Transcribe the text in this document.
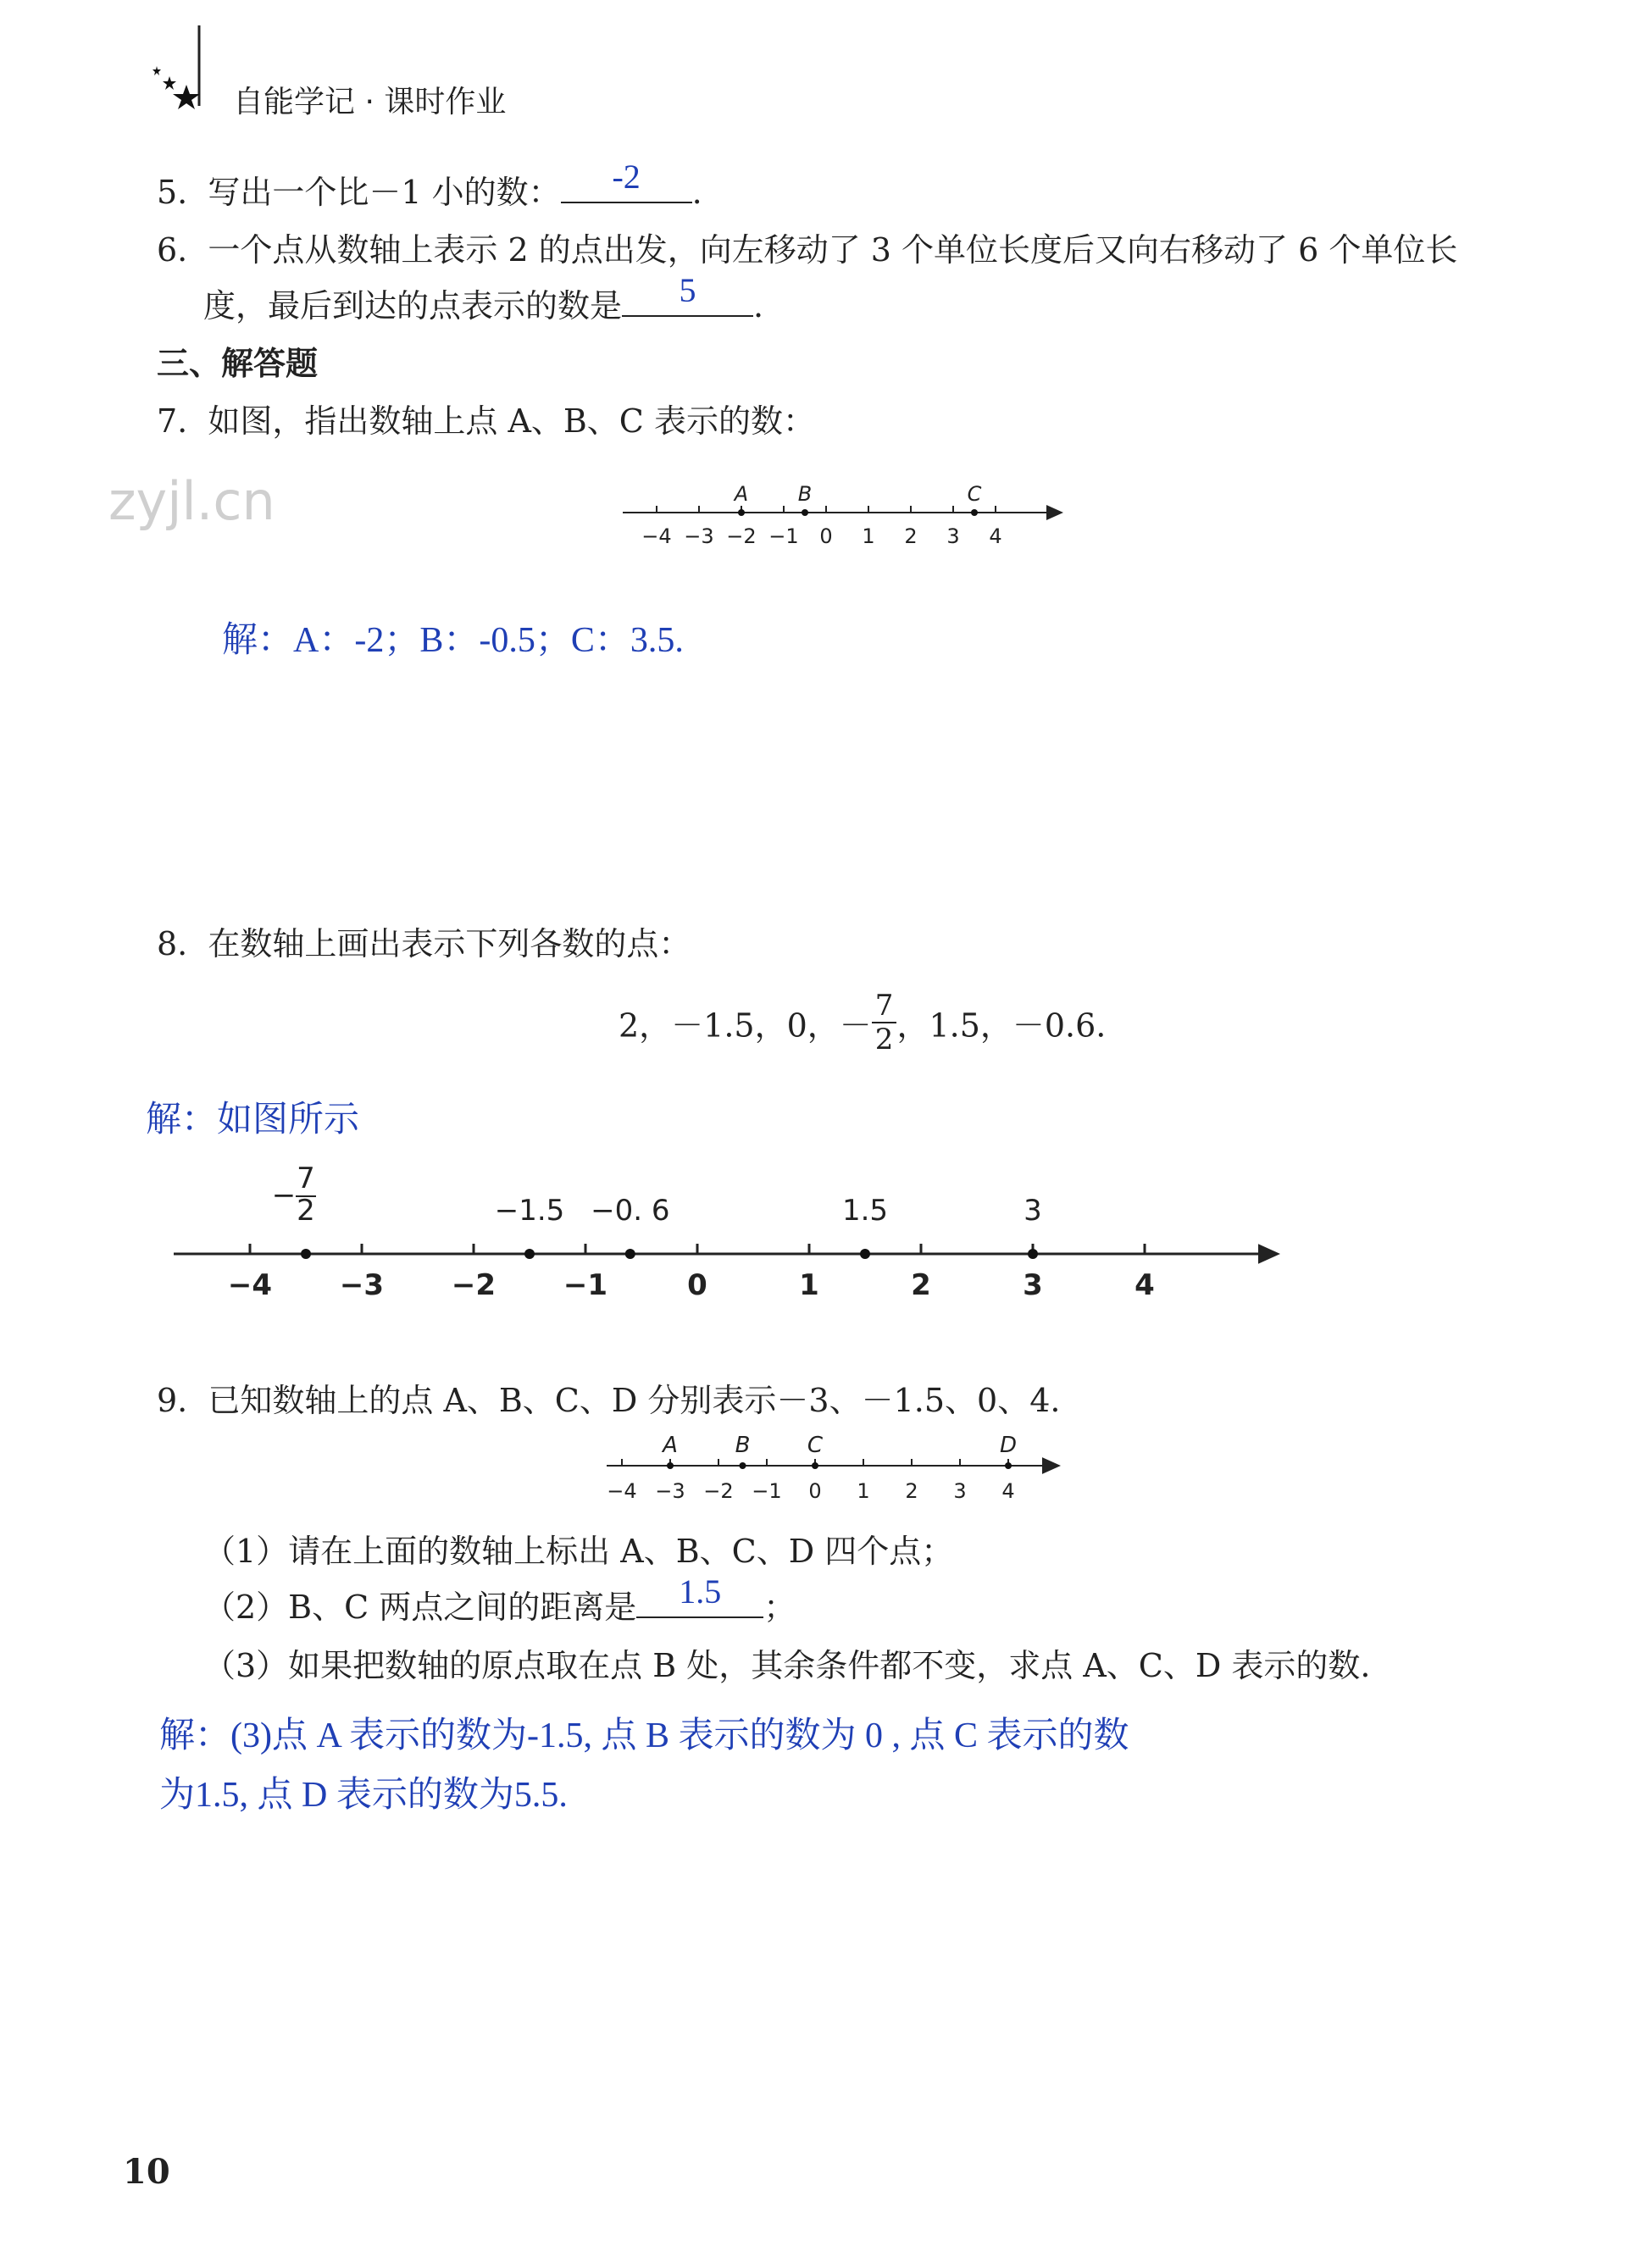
自能学记 · 课时作业
5. 写出一个比－1 小的数：	-2	.
6. 一个点从数轴上表示 2 的点出发，向左移动了 3 个单位长度后又向右移动了 6 个单位长
度，最后到达的点表示的数是	5	.
三、解答题
7. 如图，指出数轴上点 A、B、C 表示的数：
zyjl.cn
−4 −3 −2 −1 0 1 2 3 4
A B	C
解：A：-2；B：-0.5；C：3.5.
8. 在数轴上画出表示下列各数的点：
2，－1.5，0，－ $\frac{7}{2}$ ，1.5，－0.6.
解：如图所示
−4 −3 −2 −1	0	1	2	3	4
−1.5 −0. 6	1.5	3
− 7
2
9. 已知数轴上的点 A、B、C、D 分别表示－3、－1.5、0、4.
−4 −3 −2 −1 0 1 2 3 4
A	B	C	D
（1）请在上面的数轴上标出 A、B、C、D 四个点；
（2）B、C 两点之间的距离是	1.5	；
（3）如果把数轴的原点取在点 B 处，其余条件都不变，求点 A、C、D 表示的数.
解：(3)点 A 表示的数为-1.5, 点 B 表示的数为 0 , 点 C 表示的数
为1.5, 点 D 表示的数为5.5.
10
